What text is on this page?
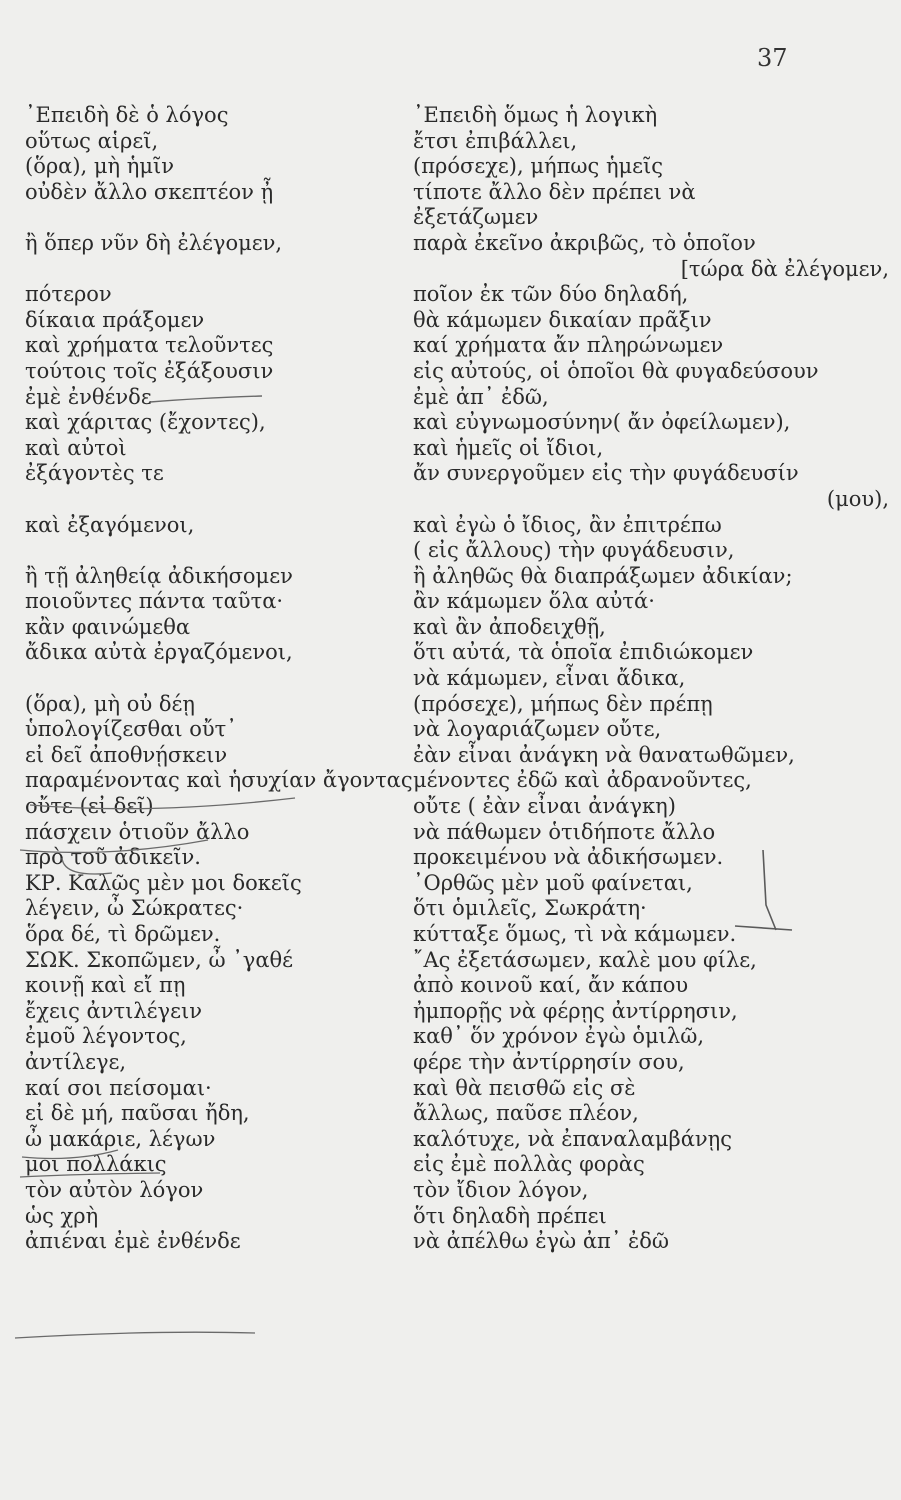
37
᾿Επειδὴ δὲ ὁ λόγος
οὕτως αἱρεῖ,
(ὅρα), μὴ ἡμῖν
οὐδὲν ἄλλο σκεπτέον ᾖ
ἢ ὅπερ νῦν δὴ ἐλέγομεν,
πότερον
δίκαια πράξομεν
καὶ χρήματα τελοῦντες
τούτοις τοῖς ἐξάξουσιν
ἐμὲ ἐνθένδε
καὶ χάριτας (ἔχοντες),
καὶ αὐτοὶ
ἐξάγοντὲς τε
καὶ ἐξαγόμενοι,
ἢ τῇ ἀληθείᾳ ἀδικήσομεν
ποιοῦντες πάντα ταῦτα·
κἂν φαινώμεθα
ἄδικα αὐτὰ ἐργαζόμενοι,
(ὅρα), μὴ οὐ δέῃ
ὑπολογίζεσθαι οὔτ᾿
εἰ δεῖ ἀποθνῄσκειν
παραμένοντας καὶ ἡσυχίαν ἄγοντας
οὔτε (εἰ δεῖ)
πάσχειν ὁτιοῦν ἄλλο
πρὸ τοῦ ἀδικεῖν.
ΚΡ. Καλῶς μὲν μοι δοκεῖς
λέγειν, ὦ Σώκρατες·
ὅρα δέ, τὶ δρῶμεν.
ΣΩΚ. Σκοπῶμεν, ὦ ᾿γαθέ
κοινῇ καὶ εἴ πῃ
ἔχεις ἀντιλέγειν
ἐμοῦ λέγοντος,
ἀντίλεγε,
καί σοι πείσομαι·
εἰ δὲ μή, παῦσαι ἤδη,
ὦ μακάριε, λέγων
μοι πολλάκις
τὸν αὐτὸν λόγον
ὡς χρὴ
ἀπιέναι ἐμὲ ἐνθένδε
᾿Επειδὴ ὅμως ἡ λογικὴ
ἔτσι ἐπιβάλλει,
(πρόσεχε), μήπως ἡμεῖς
τίποτε ἄλλο δὲν πρέπει νὰ
ἐξετάζωμεν
παρὰ ἐκεῖνο ἀκριβῶς, τὸ ὁποῖον
[τώρα δὰ ἐλέγομεν,
ποῖον ἐκ τῶν δύο δηλαδή,
θὰ κάμωμεν δικαίαν πρᾶξιν
καί χρήματα ἄν πληρώνωμεν
εἰς αὐτούς, οἱ ὁποῖοι θὰ φυγαδεύσουν
ἐμὲ ἀπ᾿ ἐδῶ,
καὶ εὐγνωμοσύνην( ἄν ὀφείλωμεν),
καὶ ἡμεῖς οἱ ἴδιοι,
ἄν συνεργοῦμεν εἰς τὴν φυγάδευσίν
(μου),
καὶ ἐγὼ ὁ ἴδιος, ἂν ἐπιτρέπω
( εἰς ἄλλους) τὴν φυγάδευσιν,
ἢ ἀληθῶς θὰ διαπράξωμεν ἀδικίαν;
ἂν κάμωμεν ὅλα αὐτά·
καὶ ἂν ἀποδειχθῇ,
ὅτι αὐτά, τὰ ὁποῖα ἐπιδιώκομεν
νὰ κάμωμεν, εἶναι ἄδικα,
(πρόσεχε), μήπως δὲν πρέπῃ
νὰ λογαριάζωμεν οὔτε,
ἐὰν εἶναι ἀνάγκη νὰ θανατωθῶμεν,
μένοντες ἐδῶ καὶ ἀδρανοῦντες,
οὔτε ( ἐὰν εἶναι ἀνάγκη)
νὰ πάθωμεν ὁτιδήποτε ἄλλο
προκειμένου νὰ ἀδικήσωμεν.
᾿Ορθῶς μὲν μοῦ φαίνεται,
ὅτι ὁμιλεῖς, Σωκράτη·
κύτταξε ὅμως, τὶ νὰ κάμωμεν.
῎Ας ἐξετάσωμεν, καλὲ μου φίλε,
ἀπὸ κοινοῦ καί, ἄν κάπου
ἠμπορῇς νὰ φέρῃς ἀντίρρησιν,
καθ᾿ ὅν χρόνον ἐγὼ ὁμιλῶ,
φέρε τὴν ἀντίρρησίν σου,
καὶ θὰ πεισθῶ εἰς σὲ
ἄλλως, παῦσε πλέον,
καλότυχε, νὰ ἐπαναλαμβάνῃς
εἰς ἐμὲ πολλὰς φορὰς
τὸν ἴδιον λόγον,
ὅτι δηλαδὴ πρέπει
νὰ ἀπέλθω ἐγὼ ἀπ᾿ ἐδῶ
